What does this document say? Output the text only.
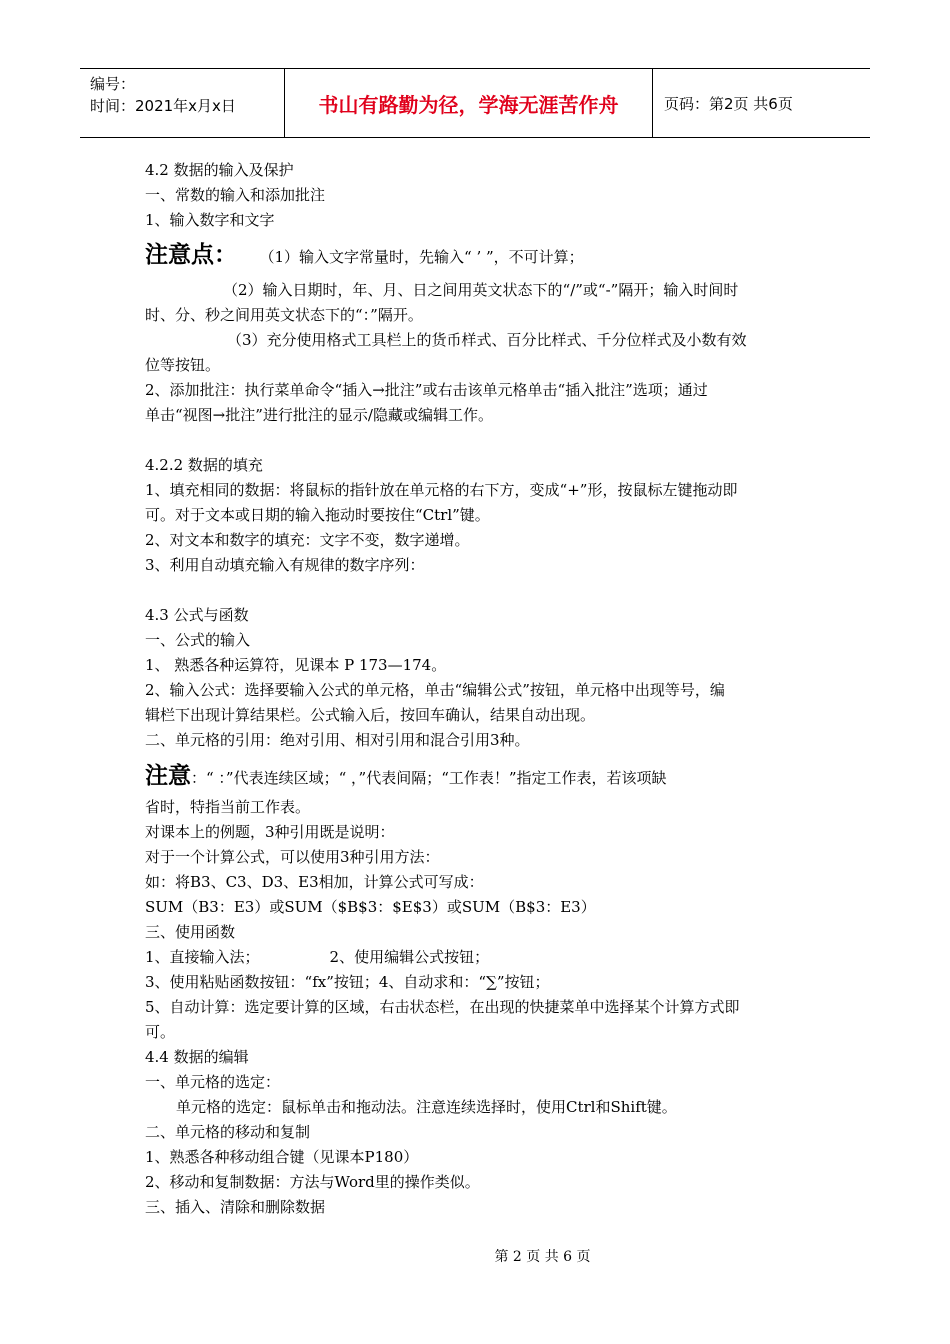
编号：
时间：2021年x月x日	书山有路勤为径，学海无涯苦作舟	页码：第2页 共6页

4.2 数据的输入及保护

一、常数的输入和添加批注

1、输入数字和文字

注意点： （1）输入文字常量时，先输入“ ’ ”，不可计算；

（2）输入日期时，年、月、日之间用英文状态下的“/”或“-”隔开；输入时间时

时、分、秒之间用英文状态下的“：”隔开。

（3）充分使用格式工具栏上的货币样式、百分比样式、千分位样式及小数有效

位等按钮。

2、添加批注：执行菜单命令“插入→批注”或右击该单元格单击“插入批注”选项；通过

单击“视图→批注”进行批注的显示/隐藏或编辑工作。

4.2.2 数据的填充

1、填充相同的数据：将鼠标的指针放在单元格的右下方，变成“+”形，按鼠标左键拖动即

可。对于文本或日期的输入拖动时要按住“Ctrl”键。

2、对文本和数字的填充：文字不变，数字递增。

3、利用自动填充输入有规律的数字序列：

4.3 公式与函数

一、公式的输入

1、 熟悉各种运算符，见课本 P 173—174。

2、输入公式：选择要输入公式的单元格，单击“编辑公式”按钮，单元格中出现等号，编

辑栏下出现计算结果栏。公式输入后，按回车确认，结果自动出现。

二、单元格的引用：绝对引用、相对引用和混合引用3种。

注意：“ ：”代表连续区域；“ ，”代表间隔；“工作表！”指定工作表，若该项缺

省时，特指当前工作表。

对课本上的例题，3种引用既是说明：

对于一个计算公式，可以使用3种引用方法：

如：将B3、C3、D3、E3相加，计算公式可写成：

SUM（B3：E3）或SUM（$B$3：$E$3）或SUM（B$3：E3）

三、使用函数

1、直接输入法；	2、使用编辑公式按钮；

3、使用粘贴函数按钮：“fx”按钮；4、自动求和：“∑”按钮；

5、自动计算：选定要计算的区域，右击状态栏，在出现的快捷菜单中选择某个计算方式即

可。

4.4 数据的编辑

一、单元格的选定：

单元格的选定：鼠标单击和拖动法。注意连续选择时，使用Ctrl和Shift键。

二、单元格的移动和复制

1、熟悉各种移动组合键（见课本P180）

2、移动和复制数据：方法与Word里的操作类似。

三、插入、清除和删除数据

第 2 页 共 6 页
